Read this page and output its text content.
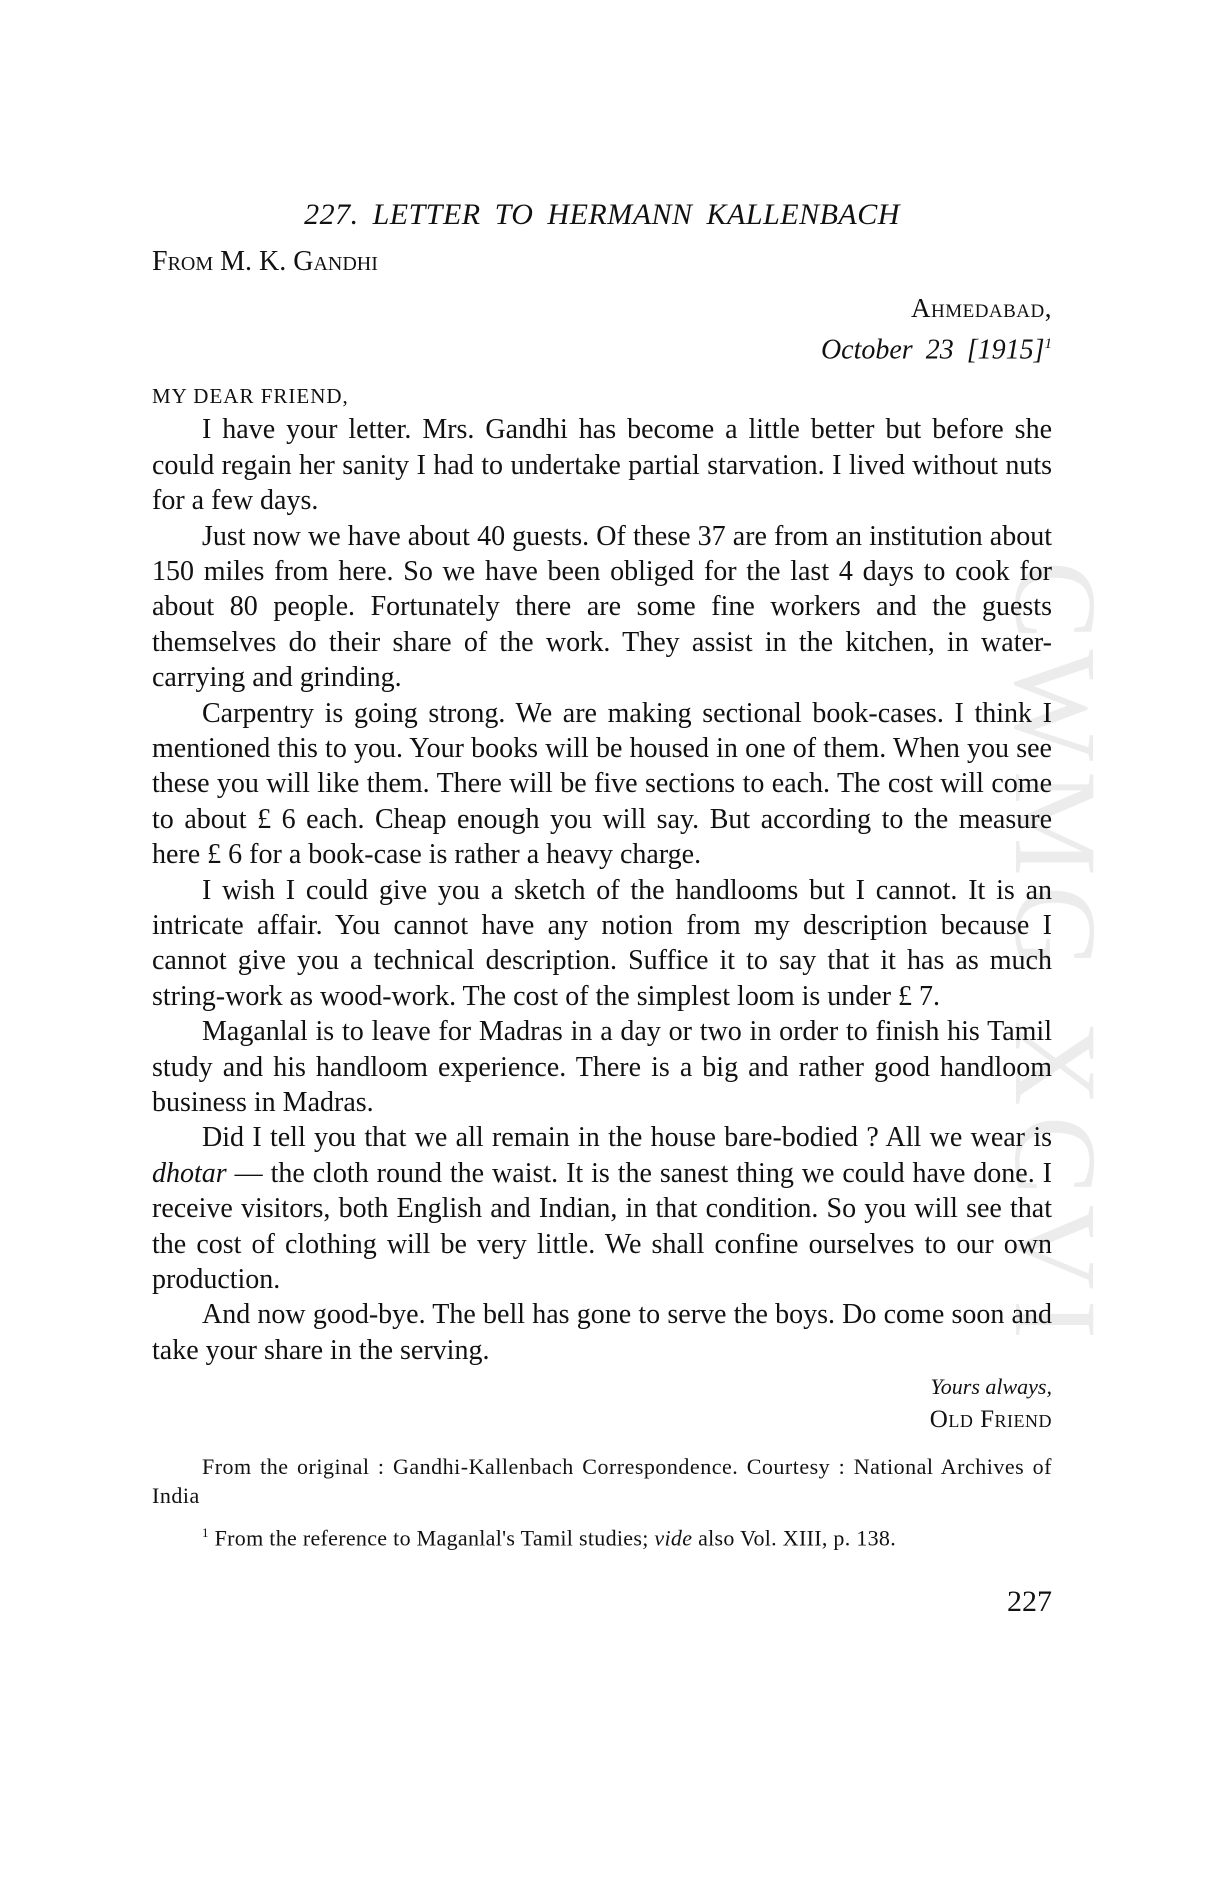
CWMG XCVI
227. LETTER TO HERMANN KALLENBACH
From M. K. Gandhi
Ahmedabad,
October 23 $[1915]^1$
MY DEAR FRIEND,

I have your letter. Mrs. Gandhi has become a little better but before she could regain her sanity I had to undertake partial starvation. I lived without nuts for a few days.

Just now we have about 40 guests. Of these 37 are from an institution about 150 miles from here. So we have been obliged for the last 4 days to cook for about 80 people. Fortunately there are some fine workers and the guests themselves do their share of the work. They assist in the kitchen, in water-carrying and grinding.

Carpentry is going strong. We are making sectional book-cases. I think I mentioned this to you. Your books will be housed in one of them. When you see these you will like them. There will be five sections to each. The cost will come to about £ 6 each. Cheap enough you will say. But according to the measure here £ 6 for a book-case is rather a heavy charge.

I wish I could give you a sketch of the handlooms but I cannot. It is an intricate affair. You cannot have any notion from my description because I cannot give you a technical description. Suffice it to say that it has as much string-work as wood-work. The cost of the simplest loom is under £ 7.

Maganlal is to leave for Madras in a day or two in order to finish his Tamil study and his handloom experience. There is a big and rather good handloom business in Madras.

Did I tell you that we all remain in the house bare-bodied ? All we wear is dhotar — the cloth round the waist. It is the sanest thing we could have done. I receive visitors, both English and Indian, in that condition. So you will see that the cost of clothing will be very little. We shall confine ourselves to our own production.

And now good-bye. The bell has gone to serve the boys. Do come soon and take your share in the serving.

Yours always,
Old Friend
From the original : Gandhi-Kallenbach Correspondence. Courtesy : National Archives of India
$^1$ From the reference to Maganlal's Tamil studies; vide also Vol. XIII, p. 138.
227
